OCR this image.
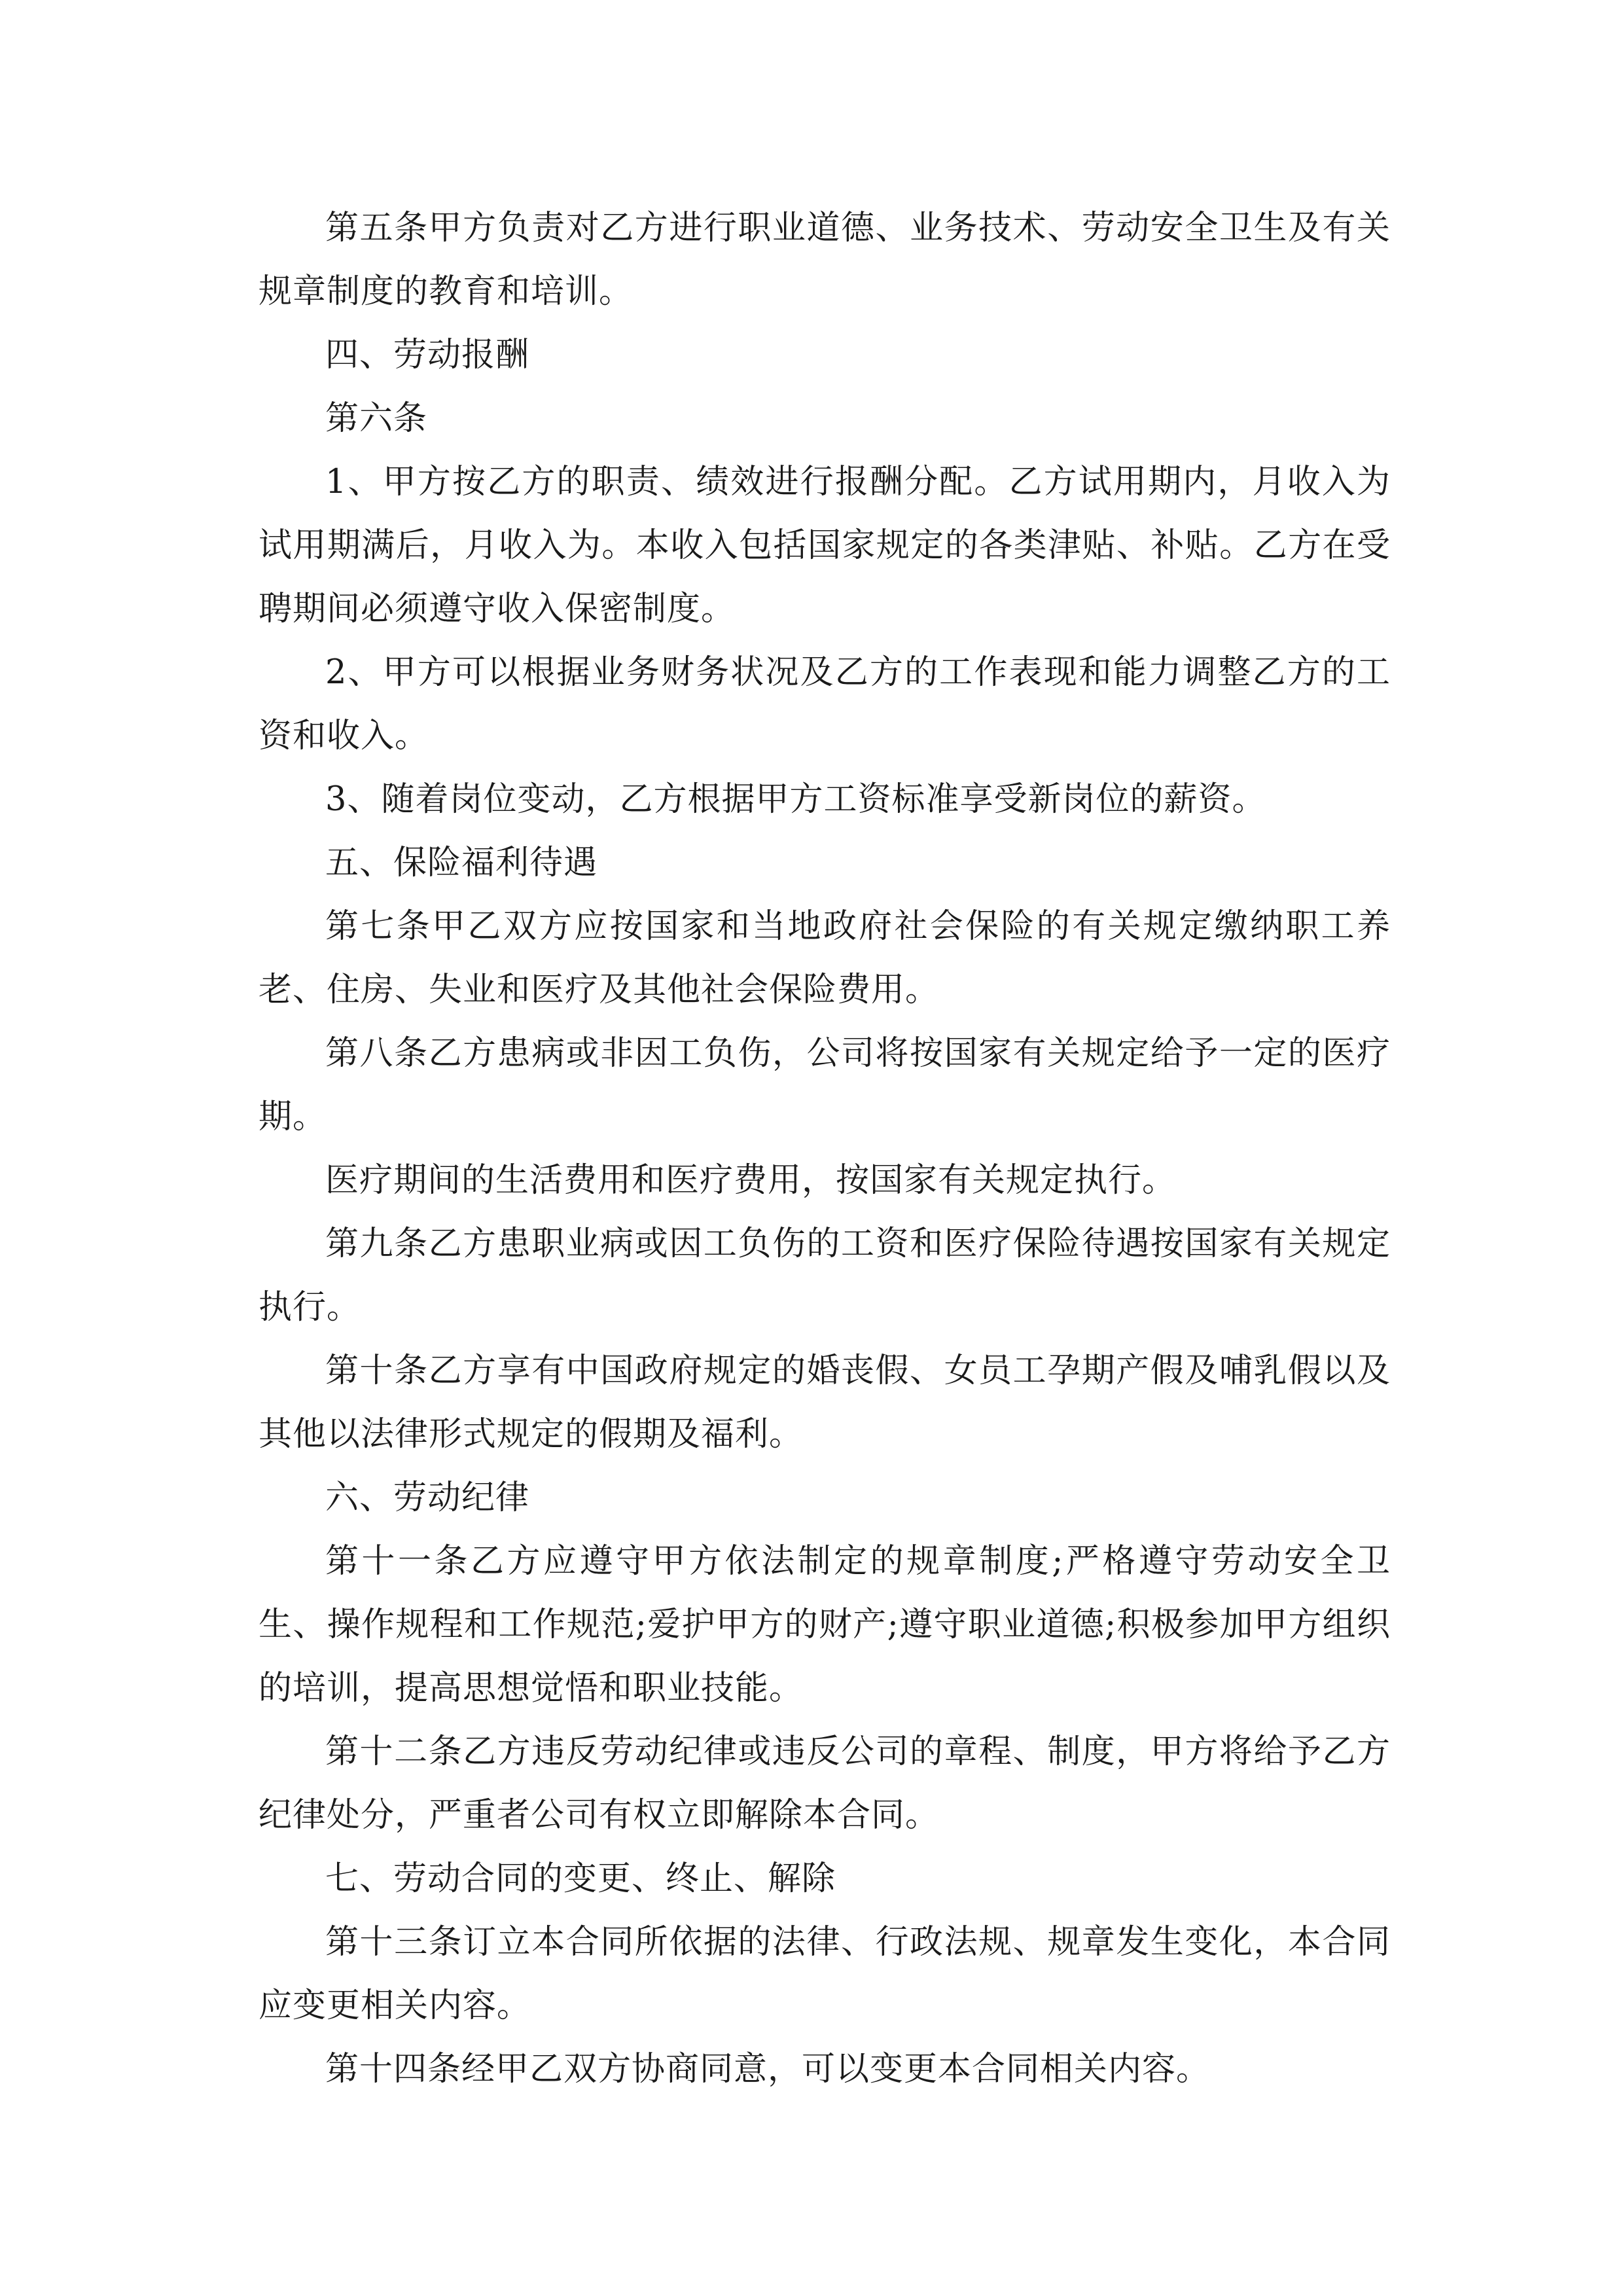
第五条甲方负责对乙方进行职业道德、业务技术、劳动安全卫生及有关规章制度的教育和培训。

四、劳动报酬

第六条

1、甲方按乙方的职责、绩效进行报酬分配。乙方试用期内，月收入为试用期满后，月收入为。本收入包括国家规定的各类津贴、补贴。乙方在受聘期间必须遵守收入保密制度。

2、甲方可以根据业务财务状况及乙方的工作表现和能力调整乙方的工资和收入。

3、随着岗位变动，乙方根据甲方工资标准享受新岗位的薪资。

五、保险福利待遇

第七条甲乙双方应按国家和当地政府社会保险的有关规定缴纳职工养老、住房、失业和医疗及其他社会保险费用。

第八条乙方患病或非因工负伤，公司将按国家有关规定给予一定的医疗期。

医疗期间的生活费用和医疗费用，按国家有关规定执行。

第九条乙方患职业病或因工负伤的工资和医疗保险待遇按国家有关规定执行。

第十条乙方享有中国政府规定的婚丧假、女员工孕期产假及哺乳假以及其他以法律形式规定的假期及福利。

六、劳动纪律

第十一条乙方应遵守甲方依法制定的规章制度;严格遵守劳动安全卫生、操作规程和工作规范;爱护甲方的财产;遵守职业道德;积极参加甲方组织的培训，提高思想觉悟和职业技能。

第十二条乙方违反劳动纪律或违反公司的章程、制度，甲方将给予乙方纪律处分，严重者公司有权立即解除本合同。

七、劳动合同的变更、终止、解除

第十三条订立本合同所依据的法律、行政法规、规章发生变化，本合同应变更相关内容。

第十四条经甲乙双方协商同意，可以变更本合同相关内容。
